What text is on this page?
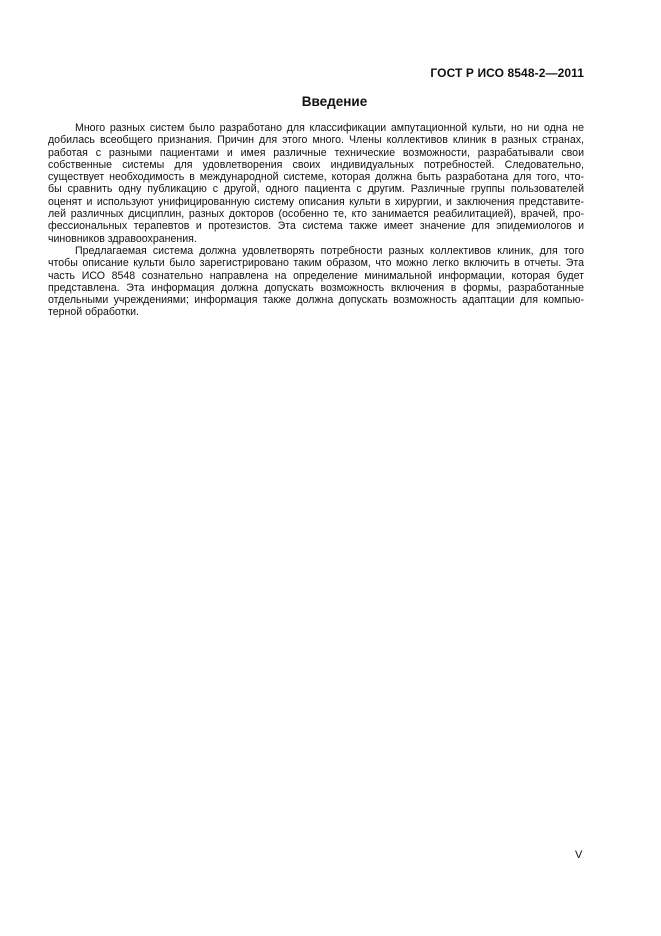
ГОСТ Р ИСО 8548-2—2011
Введение
Много разных систем было разработано для классификации ампутационной культи, но ни одна не
добилась всеобщего признания. Причин для этого много. Члены коллективов клиник в разных странах,
работая с разными пациентами и имея различные технические возможности, разрабатывали свои
собственные системы для удовлетворения своих индивидуальных потребностей. Следовательно,
существует необходимость в международной системе, которая должна быть разработана для того, что-
бы сравнить одну публикацию с другой, одного пациента с другим. Различные группы пользователей
оценят и используют унифицированную систему описания культи в хирургии, и заключения представите-
лей различных дисциплин, разных докторов (особенно те, кто занимается реабилитацией), врачей, про-
фессиональных терапевтов и протезистов. Эта система также имеет значение для эпидемиологов и
чиновников здравоохранения.
Предлагаемая система должна удовлетворять потребности разных коллективов клиник, для того
чтобы описание культи было зарегистрировано таким образом, что можно легко включить в отчеты. Эта
часть ИСО 8548 сознательно направлена на определение минимальной информации, которая будет
представлена. Эта информация должна допускать возможность включения в формы, разработанные
отдельными учреждениями; информация также должна допускать возможность адаптации для компью-
терной обработки.
V
